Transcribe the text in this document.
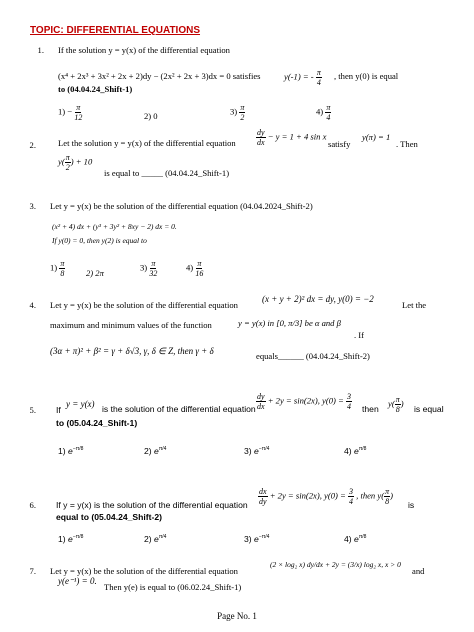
TOPIC: DIFFERENTIAL EQUATIONS
1. If the solution y = y(x) of the differential equation
y(-1) = - $\frac{\pi}{4}$
(x⁴ + 2x³ + 3x² + 2x + 2)dy − (2x² + 2x + 3)dx = 0 satisfies	, then y(0) is equal
to (04.04.24_Shift-1)
$1) - \frac{\pi}{12}$	2) 0	$3) \frac{\pi}{2}$	$4) \frac{\pi}{4}$
2.	Let the solution y = y(x) of the differential equation	$\frac{dy}{dx} - y = 1 + 4$ sin x
satisfy
y(π) = 1
. Then
$y( \frac{\pi}{2}$ ) + 10
is equal to _____ (04.04.24_Shift-1)
3. Let y = y(x) be the solution of the differential equation (04.04.2024_Shift-2)
(x² + 4) dx + (y³ + 3y² + 8xy − 2) dx = 0.
If y(0) = 0, then y(2) is equal to
$1) \frac{\pi}{8} 2$) 2π
$3) \frac{\pi}{32}$	$4) \frac{\pi}{16}$
4. Let y = y(x) be the solution of the differential equation
(x + y + 2)² dx = dy, y(0) = −2
Let the
maximum and minimum values of the function	y = y(x) in [0, π/3] be α and β
. If
(3α + π)² + β² = γ + δ√3, γ, δ ∈ Z, then γ + δ	equals______ (04.04.24_Shift-2)
5. If
y = y(x) is the solution of the differential equation $\frac{dy}{dx} + 2y = \sin(2x)$, $y(0) = \frac{3}{4}$ then
$y( \frac{\pi}{8}$ )
is equal
to (05.04.24_Shift-1)
1) $e^{-\pi/8}$	2) $e^{\pi/4}$	3) $e^{-\pi/4}$	4) $e^{\pi/8}$
6. If y = y(x) is the solution of the differential equation $\frac{dx}{dy} + 2y = \sin(2x)$, $y(0) = \frac{3}{4}$ , then $y( \frac{\pi}{8}$ )
is
equal to (05.04.24_Shift-2)
1) $e^{-\pi/8}$	2) $e^{\pi/4}$	3) $e^{-\pi/4}$	4) $e^{\pi/8}$
7. Let y = y(x) be the solution of the differential equation
(2 × log₂ x) dy/dx + 2y = (3/x) log₂ x, x > 0
and
y(e⁻¹) = 0.
Then y(e) is equal to (06.02.24_Shift-1)
Page No. 1
